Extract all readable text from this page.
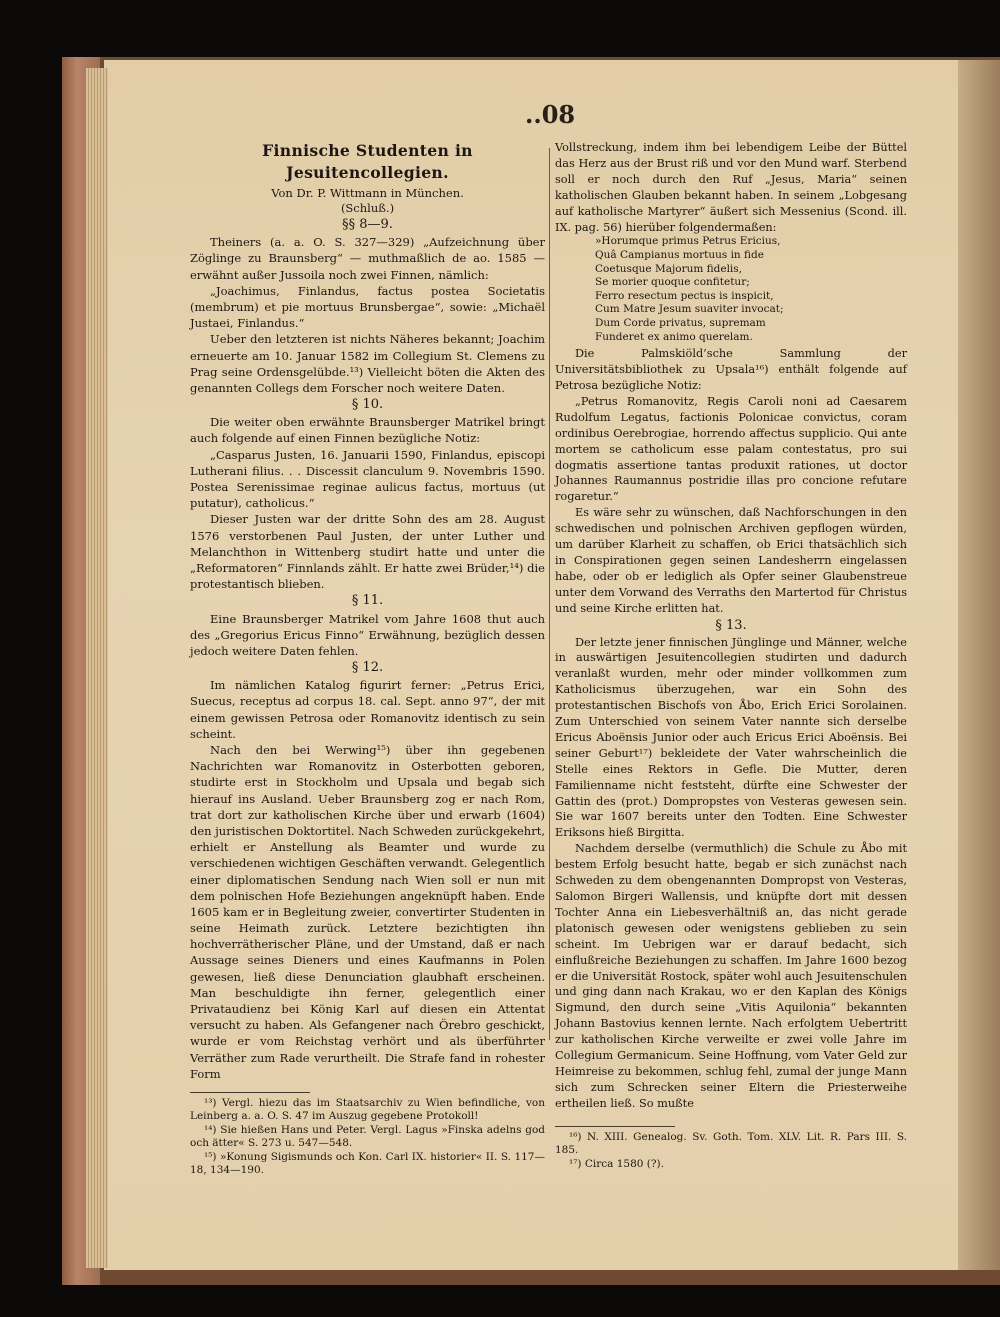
..08
Finnische Studenten in Jesuitencollegien.
Von Dr. P. Wittmann in München.
(Schluß.)
§§ 8—9.

Theiners (a. a. O. S. 327—329) „Aufzeichnung über Zöglinge zu Braunsberg“ — muthmaßlich de ao. 1585 — erwähnt außer Jussoila noch zwei Finnen, nämlich:

„Joachimus, Finlandus, factus postea Societatis (membrum) et pie mortuus Brunsbergae“, sowie: „Michaël Justaei, Finlandus.“

Ueber den letzteren ist nichts Näheres bekannt; Joachim erneuerte am 10. Januar 1582 im Collegium St. Clemens zu Prag seine Ordensgelübde.¹³) Vielleicht böten die Akten des genannten Collegs dem Forscher noch weitere Daten.

§ 10.

Die weiter oben erwähnte Braunsberger Matrikel bringt auch folgende auf einen Finnen bezügliche Notiz:

„Casparus Justen, 16. Januarii 1590, Finlandus, episcopi Lutherani filius. . . Discessit clanculum 9. Novembris 1590. Postea Serenissimae reginae aulicus factus, mortuus (ut putatur), catholicus.“

Dieser Justen war der dritte Sohn des am 28. August 1576 verstorbenen Paul Justen, der unter Luther und Melanchthon in Wittenberg studirt hatte und unter die „Reformatoren“ Finnlands zählt. Er hatte zwei Brüder,¹⁴) die protestantisch blieben.

§ 11.

Eine Braunsberger Matrikel vom Jahre 1608 thut auch des „Gregorius Ericus Finno“ Erwähnung, bezüglich dessen jedoch weitere Daten fehlen.

§ 12.

Im nämlichen Katalog figurirt ferner: „Petrus Erici, Suecus, receptus ad corpus 18. cal. Sept. anno 97“, der mit einem gewissen Petrosa oder Romanovitz identisch zu sein scheint.

Nach den bei Werwing¹⁵) über ihn gegebenen Nachrichten war Romanovitz in Osterbotten geboren, studirte erst in Stockholm und Upsala und begab sich hierauf ins Ausland. Ueber Braunsberg zog er nach Rom, trat dort zur katholischen Kirche über und erwarb (1604) den juristischen Doktortitel. Nach Schweden zurückgekehrt, erhielt er Anstellung als Beamter und wurde zu verschiedenen wichtigen Geschäften verwandt. Gelegentlich einer diplomatischen Sendung nach Wien soll er nun mit dem polnischen Hofe Beziehungen angeknüpft haben. Ende 1605 kam er in Begleitung zweier, convertirter Studenten in seine Heimath zurück. Letztere bezichtigten ihn hochverrätherischer Pläne, und der Umstand, daß er nach Aussage seines Dieners und eines Kaufmanns in Polen gewesen, ließ diese Denunciation glaubhaft erscheinen. Man beschuldigte ihn ferner, gelegentlich einer Privataudienz bei König Karl auf diesen ein Attentat versucht zu haben. Als Gefangener nach Örebro geschickt, wurde er vom Reichstag verhört und als überführter Verräther zum Rade verurtheilt. Die Strafe fand in rohester Form

Vollstreckung, indem ihm bei lebendigem Leibe der Büttel das Herz aus der Brust riß und vor den Mund warf. Sterbend soll er noch durch den Ruf „Jesus, Maria“ seinen katholischen Glauben bekannt haben. In seinem „Lobgesang auf katholische Martyrer“ äußert sich Messenius (Scond. ill. IX. pag. 56) hierüber folgendermaßen:

»Horumque primus Petrus Ericius,
Quâ Campianus mortuus in fide
Coetusque Majorum fidelis,
Se morier quoque confitetur;
Ferro resectum pectus is inspicit,
Cum Matre Jesum suaviter invocat;
Dum Corde privatus, supremam
Funderet ex animo querelam.

Die Palmskiöld’sche Sammlung der Universitätsbibliothek zu Upsala¹⁶) enthält folgende auf Petrosa bezügliche Notiz:

„Petrus Romanovitz, Regis Caroli noni ad Caesarem Rudolfum Legatus, factionis Polonicae convictus, coram ordinibus Oerebrogiae, horrendo affectus supplicio. Qui ante mortem se catholicum esse palam contestatus, pro sui dogmatis assertione tantas produxit rationes, ut doctor Johannes Raumannus postridie illas pro concione refutare rogaretur.“

Es wäre sehr zu wünschen, daß Nachforschungen in den schwedischen und polnischen Archiven gepflogen würden, um darüber Klarheit zu schaffen, ob Erici thatsächlich sich in Conspirationen gegen seinen Landesherrn eingelassen habe, oder ob er lediglich als Opfer seiner Glaubenstreue unter dem Vorwand des Verraths den Martertod für Christus und seine Kirche erlitten hat.

§ 13.

Der letzte jener finnischen Jünglinge und Männer, welche in auswärtigen Jesuitencollegien studirten und dadurch veranlaßt wurden, mehr oder minder vollkommen zum Katholicismus überzugehen, war ein Sohn des protestantischen Bischofs von Åbo, Erich Erici Sorolainen. Zum Unterschied von seinem Vater nannte sich derselbe Ericus Aboënsis Junior oder auch Ericus Erici Aboënsis. Bei seiner Geburt¹⁷) bekleidete der Vater wahrscheinlich die Stelle eines Rektors in Gefle. Die Mutter, deren Familienname nicht feststeht, dürfte eine Schwester der Gattin des (prot.) Dompropstes von Vesteras gewesen sein. Sie war 1607 bereits unter den Todten. Eine Schwester Eriksons hieß Birgitta.

Nachdem derselbe (vermuthlich) die Schule zu Åbo mit bestem Erfolg besucht hatte, begab er sich zunächst nach Schweden zu dem obengenannten Dompropst von Vesteras, Salomon Birgeri Wallensis, und knüpfte dort mit dessen Tochter Anna ein Liebesverhältniß an, das nicht gerade platonisch gewesen oder wenigstens geblieben zu sein scheint. Im Uebrigen war er darauf bedacht, sich einflußreiche Beziehungen zu schaffen. Im Jahre 1600 bezog er die Universität Rostock, später wohl auch Jesuitenschulen und ging dann nach Krakau, wo er den Kaplan des Königs Sigmund, den durch seine „Vitis Aquilonia“ bekannten Johann Bastovius kennen lernte. Nach erfolgtem Uebertritt zur katholischen Kirche verweilte er zwei volle Jahre im Collegium Germanicum. Seine Hoffnung, vom Vater Geld zur Heimreise zu bekommen, schlug fehl, zumal der junge Mann sich zum Schrecken seiner Eltern die Priesterweihe ertheilen ließ. So mußte

¹³) Vergl. hiezu das im Staatsarchiv zu Wien befindliche, von Leinberg a. a. O. S. 47 im Auszug gegebene Protokoll!

¹⁴) Sie hießen Hans und Peter. Vergl. Lagus »Finska adelns god och ätter« S. 273 u. 547—548.

¹⁵) »Konung Sigismunds och Kon. Carl IX. historier« II. S. 117—18, 134—190.

¹⁶) N. XIII. Genealog. Sv. Goth. Tom. XLV. Lit. R. Pars III. S. 185.

¹⁷) Circa 1580 (?).
